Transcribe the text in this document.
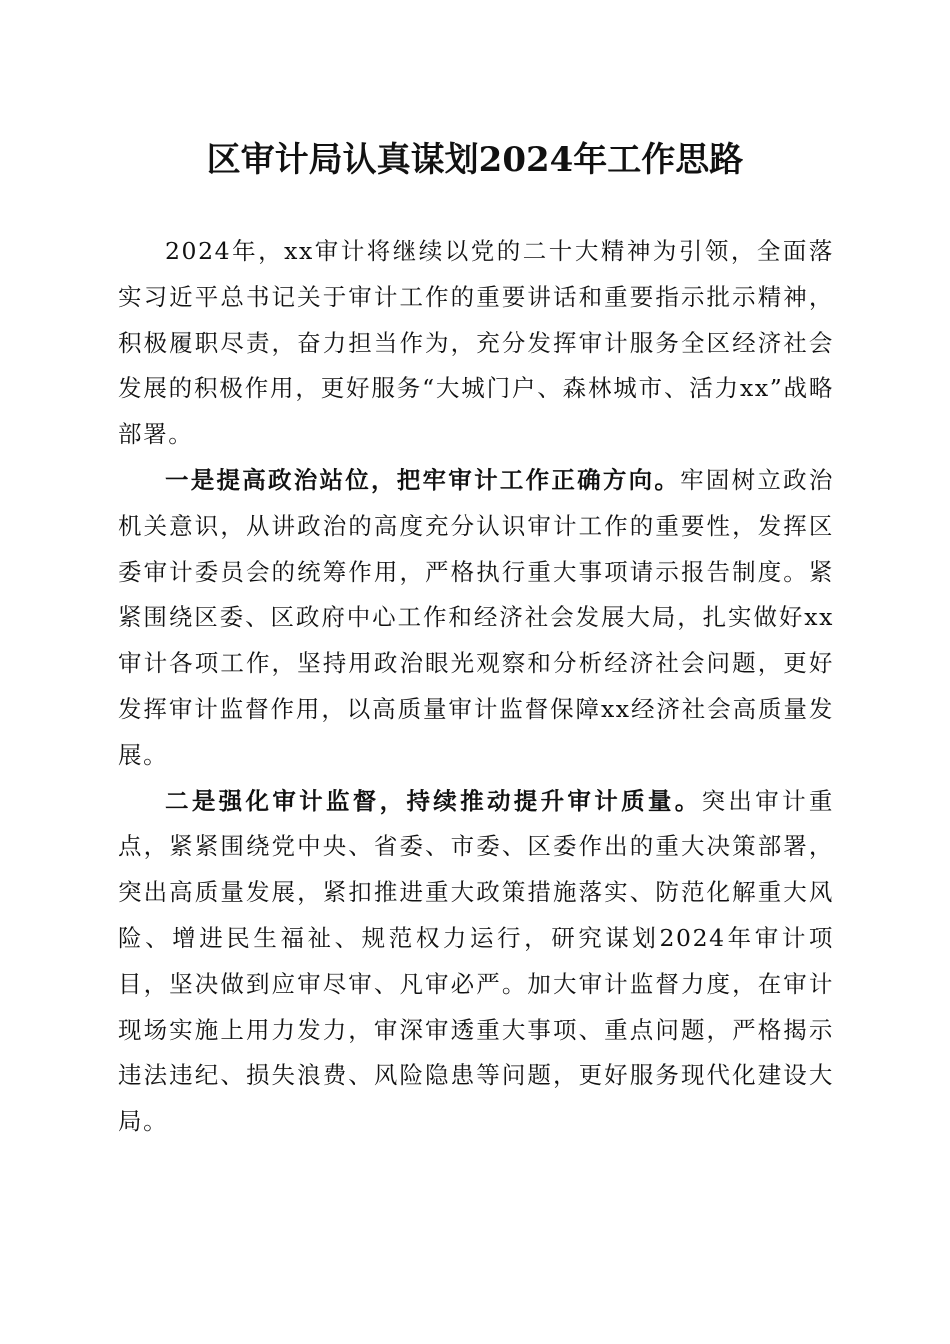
区审计局认真谋划2024年工作思路

2024年，xx审计将继续以党的二十大精神为引领，全面落实习近平总书记关于审计工作的重要讲话和重要指示批示精神，积极履职尽责，奋力担当作为，充分发挥审计服务全区经济社会发展的积极作用，更好服务“大城门户、森林城市、活力xx”战略部署。

一是提高政治站位，把牢审计工作正确方向。牢固树立政治机关意识，从讲政治的高度充分认识审计工作的重要性，发挥区委审计委员会的统筹作用，严格执行重大事项请示报告制度。紧紧围绕区委、区政府中心工作和经济社会发展大局，扎实做好xx审计各项工作，坚持用政治眼光观察和分析经济社会问题，更好发挥审计监督作用，以高质量审计监督保障xx经济社会高质量发展。

二是强化审计监督，持续推动提升审计质量。突出审计重点，紧紧围绕党中央、省委、市委、区委作出的重大决策部署，突出高质量发展，紧扣推进重大政策措施落实、防范化解重大风险、增进民生福祉、规范权力运行，研究谋划2024年审计项目，坚决做到应审尽审、凡审必严。加大审计监督力度，在审计现场实施上用力发力，审深审透重大事项、重点问题，严格揭示违法违纪、损失浪费、风险隐患等问题，更好服务现代化建设大局。
